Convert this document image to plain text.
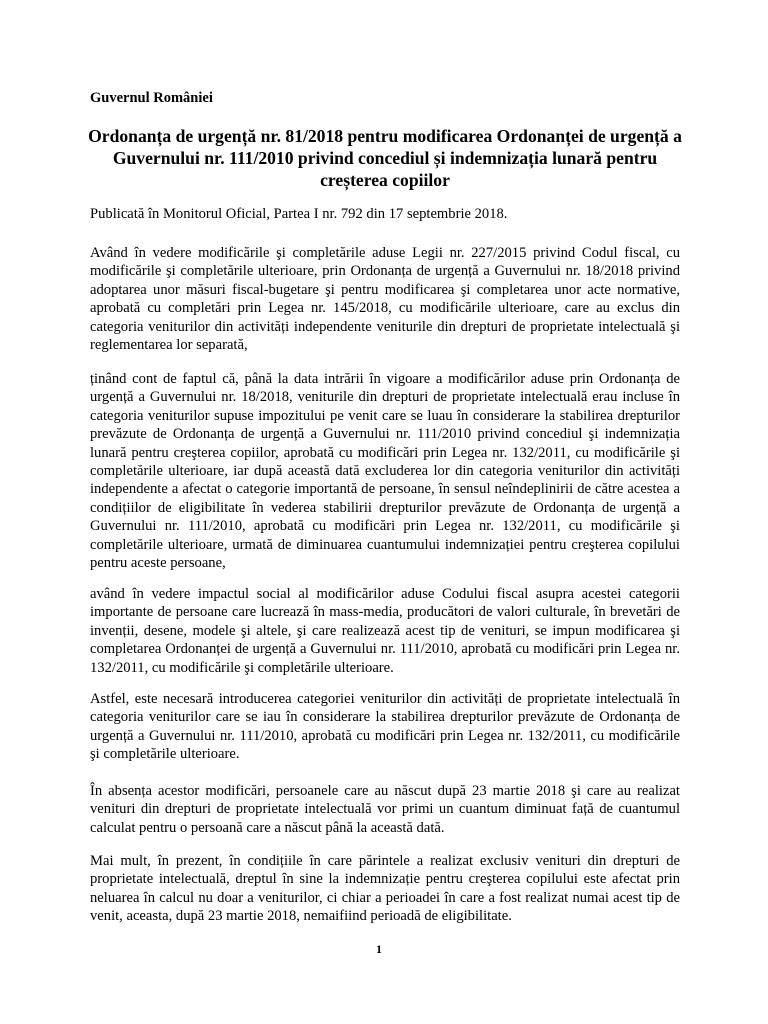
Guvernul României
Ordonanța de urgență nr. 81/2018 pentru modificarea Ordonanței de urgență a Guvernului nr. 111/2010 privind concediul și indemnizația lunară pentru creșterea copiilor
Publicată în Monitorul Oficial, Partea I nr. 792 din 17 septembrie 2018.

Având în vedere modificările şi completările aduse Legii nr. 227/2015 privind Codul fiscal, cu modificările şi completările ulterioare, prin Ordonanța de urgență a Guvernului nr. 18/2018 privind adoptarea unor măsuri fiscal-bugetare şi pentru modificarea şi completarea unor acte normative, aprobată cu completări prin Legea nr. 145/2018, cu modificările ulterioare, care au exclus din categoria veniturilor din activități independente veniturile din drepturi de proprietate intelectuală şi reglementarea lor separată,

ținând cont de faptul că, până la data intrării în vigoare a modificărilor aduse prin Ordonanța de urgență a Guvernului nr. 18/2018, veniturile din drepturi de proprietate intelectuală erau incluse în categoria veniturilor supuse impozitului pe venit care se luau în considerare la stabilirea drepturilor prevăzute de Ordonanța de urgență a Guvernului nr. 111/2010 privind concediul şi indemnizația lunară pentru creşterea copiilor, aprobată cu modificări prin Legea nr. 132/2011, cu modificările şi completările ulterioare, iar după această dată excluderea lor din categoria veniturilor din activități independente a afectat o categorie importantă de persoane, în sensul neîndeplinirii de către acestea a condițiilor de eligibilitate în vederea stabilirii drepturilor prevăzute de Ordonanța de urgență a Guvernului nr. 111/2010, aprobată cu modificări prin Legea nr. 132/2011, cu modificările şi completările ulterioare, urmată de diminuarea cuantumului indemnizației pentru creşterea copilului pentru aceste persoane,

având în vedere impactul social al modificărilor aduse Codului fiscal asupra acestei categorii importante de persoane care lucrează în mass-media, producători de valori culturale, în brevetări de invenții, desene, modele şi altele, şi care realizează acest tip de venituri, se impun modificarea şi completarea Ordonanței de urgență a Guvernului nr. 111/2010, aprobată cu modificări prin Legea nr. 132/2011, cu modificările şi completările ulterioare.

Astfel, este necesară introducerea categoriei veniturilor din activități de proprietate intelectuală în categoria veniturilor care se iau în considerare la stabilirea drepturilor prevăzute de Ordonanța de urgență a Guvernului nr. 111/2010, aprobată cu modificări prin Legea nr. 132/2011, cu modificările şi completările ulterioare.

În absența acestor modificări, persoanele care au născut după 23 martie 2018 şi care au realizat venituri din drepturi de proprietate intelectuală vor primi un cuantum diminuat față de cuantumul calculat pentru o persoană care a născut până la această dată.

Mai mult, în prezent, în condițiile în care părintele a realizat exclusiv venituri din drepturi de proprietate intelectuală, dreptul în sine la indemnizație pentru creşterea copilului este afectat prin neluarea în calcul nu doar a veniturilor, ci chiar a perioadei în care a fost realizat numai acest tip de venit, aceasta, după 23 martie 2018, nemaifiind perioadă de eligibilitate.

1
